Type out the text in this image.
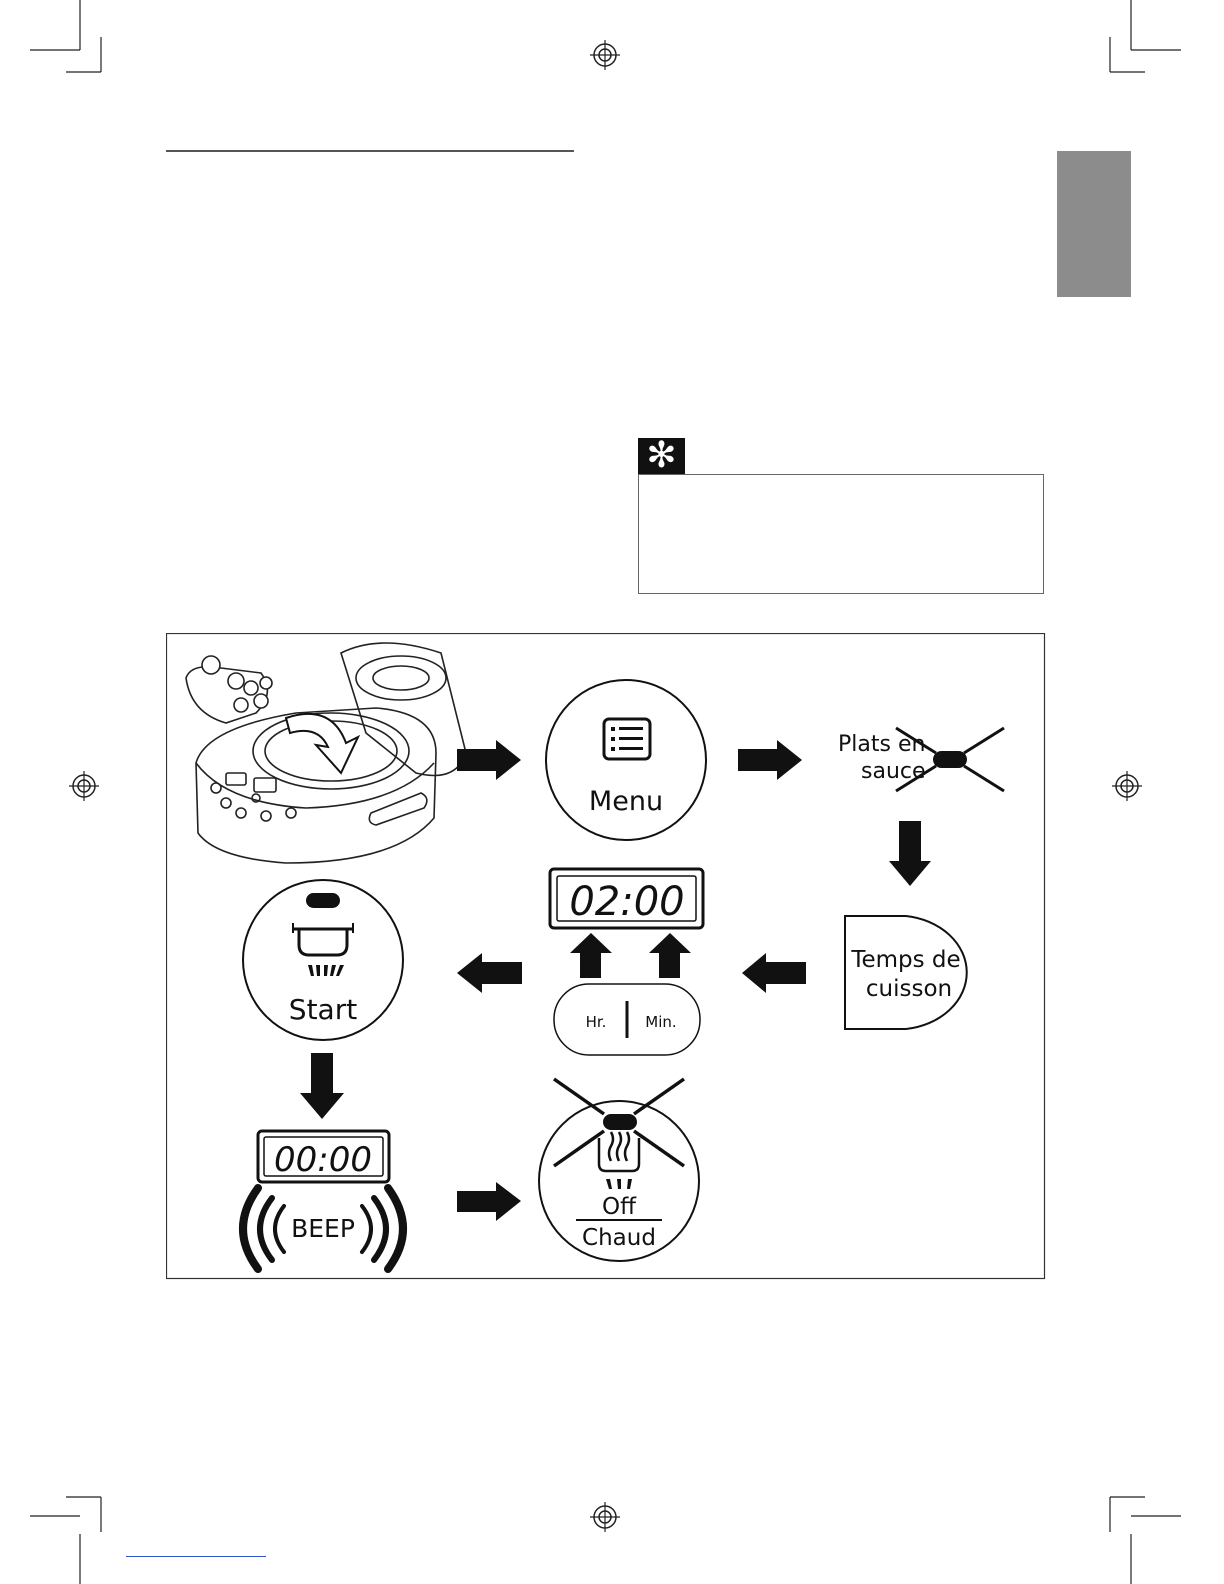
✻
Menu
Plats en
sauce
Temps de
cuisson
02:00
Hr.	Min.
Start
00:00
BEEP
Off
Chaud
